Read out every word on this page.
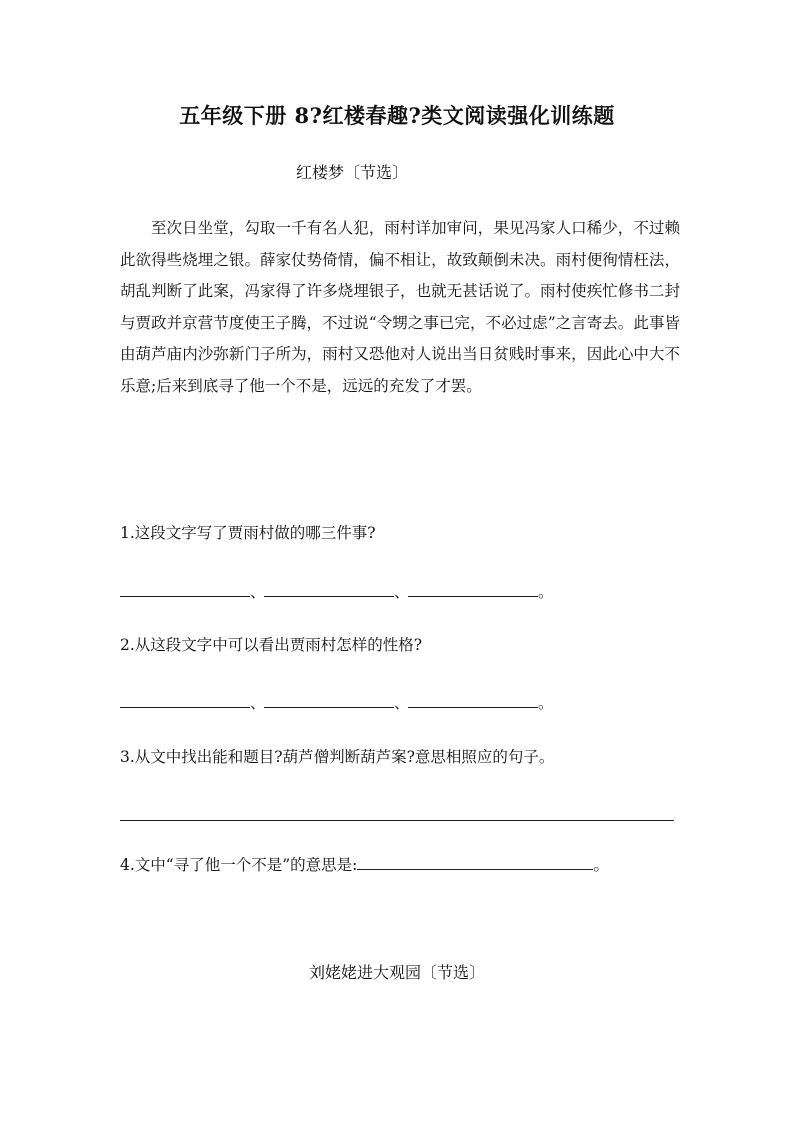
五年级下册 8?红楼春趣?类文阅读强化训练题
红楼梦〔节选〕
至次日坐堂，勾取一千有名人犯，雨村详加审问，果见冯家人口稀少，不过赖此欲得些烧埋之银。薛家仗势倚情，偏不相让，故致颠倒未决。雨村便徇情枉法，胡乱判断了此案，冯家得了许多烧埋银子，也就无甚话说了。雨村使疾忙修书二封与贾政并京营节度使王子腾，不过说“令甥之事已完，不必过虑”之言寄去。此事皆由葫芦庙内沙弥新门子所为，雨村又恐他对人说出当日贫贱时事来，因此心中大不乐意;后来到底寻了他一个不是，远远的充发了才罢。
1.这段文字写了贾雨村做的哪三件事?
、	、	。
2.从这段文字中可以看出贾雨村怎样的性格?
、	、	。
3.从文中找出能和题目?葫芦僧判断葫芦案?意思相照应的句子。
4.文中“寻了他一个不是”的意思是:	。
刘姥姥进大观园〔节选〕
